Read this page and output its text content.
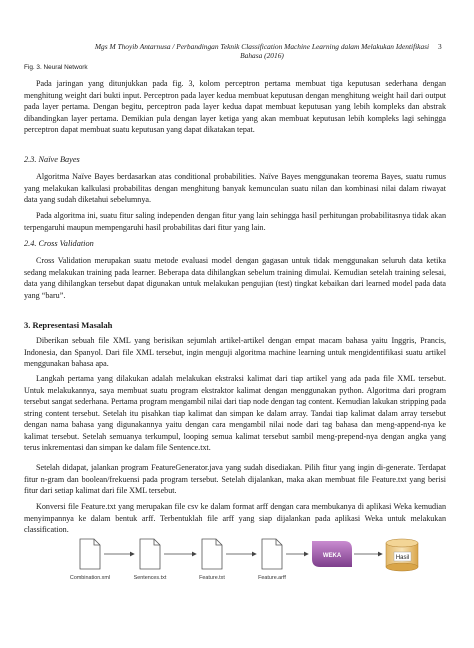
Mgs M Thoyib Antarnusa / Perbandingan Teknik Classification Machine Learning dalam Melakukan Identifikasi Bahasa (2016)
3
Fig. 3. Neural Network

Pada jaringan yang ditunjukkan pada fig. 3, kolom perceptron pertama membuat tiga keputusan sederhana dengan menghitung weight dari bukti input. Perceptron pada layer kedua membuat keputusan dengan menghitung weight hail dari output pada layer pertama. Dengan begitu, perceptron pada layer kedua dapat membuat keputusan yang lebih kompleks dan abstrak dibandingkan layer pertama. Demikian pula dengan layer ketiga yang akan membuat keputusan lebih kompleks lagi sehingga perceptron dapat membuat suatu keputusan yang dapat dikatakan tepat.

2.3. Naïve Bayes

Algoritma Naïve Bayes berdasarkan atas conditional probabilities. Naïve Bayes menggunakan teorema Bayes, suatu rumus yang melakukan kalkulasi probabilitas dengan menghitung banyak kemunculan suatu nilan dan kombinasi nilai dalam riwayat data yang sudah diketahui sebelumnya.

Pada algoritma ini, suatu fitur saling independen dengan fitur yang lain sehingga hasil perhitungan probabilitasnya tidak akan terpengaruhi maupun mempengaruhi hasil probabilitas dari fitur yang lain.

2.4. Cross Validation

Cross Validation merupakan suatu metode evaluasi model dengan gagasan untuk tidak menggunakan seluruh data ketika sedang melakukan training pada learner. Beberapa data dihilangkan sebelum training dimulai. Kemudian setelah training selesai, data yang dihilangkan tersebut dapat digunakan untuk melakukan pengujian (test) tingkat kebaikan dari learned model pada data yang “baru”.

3. Representasi Masalah

Diberikan sebuah file XML yang berisikan sejumlah artikel-artikel dengan empat macam bahasa yaitu Inggris, Prancis, Indonesia, dan Spanyol. Dari file XML tersebut, ingin menguji algoritma machine learning untuk mengidentifikasi suatu artikel menggunakan bahasa apa.

Langkah pertama yang dilakukan adalah melakukan ekstraksi kalimat dari tiap artikel yang ada pada file XML tersebut. Untuk melakukannya, saya membuat suatu program ekstraktor kalimat dengan menggunakan python. Algoritma dari program tersebut sangat sederhana. Pertama program mengambil nilai dari tiap node dengan tag content. Kemudian lakukan stripping pada string content tersebut. Setelah itu pisahkan tiap kalimat dan simpan ke dalam array. Tandai tiap kalimat dalam array tersebut dengan nama bahasa yang digunakannya yaitu dengan cara mengambil nilai node dari tag bahasa dan meng-append-nya ke kalimat tersebut. Setelah semuanya terkumpul, looping semua kalimat tersebut sambil meng-prepend-nya dengan angka yang terus inkrementasi dan simpan ke dalam file Sentence.txt.

Setelah didapat, jalankan program FeatureGenerator.java yang sudah disediakan. Pilih fitur yang ingin di-generate. Terdapat fitur n-gram dan boolean/frekuensi pada program tersebut. Setelah dijalankan, maka akan membuat file Feature.txt yang berisi fitur dari setiap kalimat dari file XML tersebut.

Konversi file Feature.txt yang merupakan file csv ke dalam format arff dengan cara membukanya di aplikasi Weka kemudian menyimpannya ke dalam bentuk arff. Terbentuklah file arff yang siap dijalankan pada aplikasi Weka untuk melakukan classification.

WEKA	Hasil
Combination.xml	Sentences.txt	Feature.txt	Feature.arff
